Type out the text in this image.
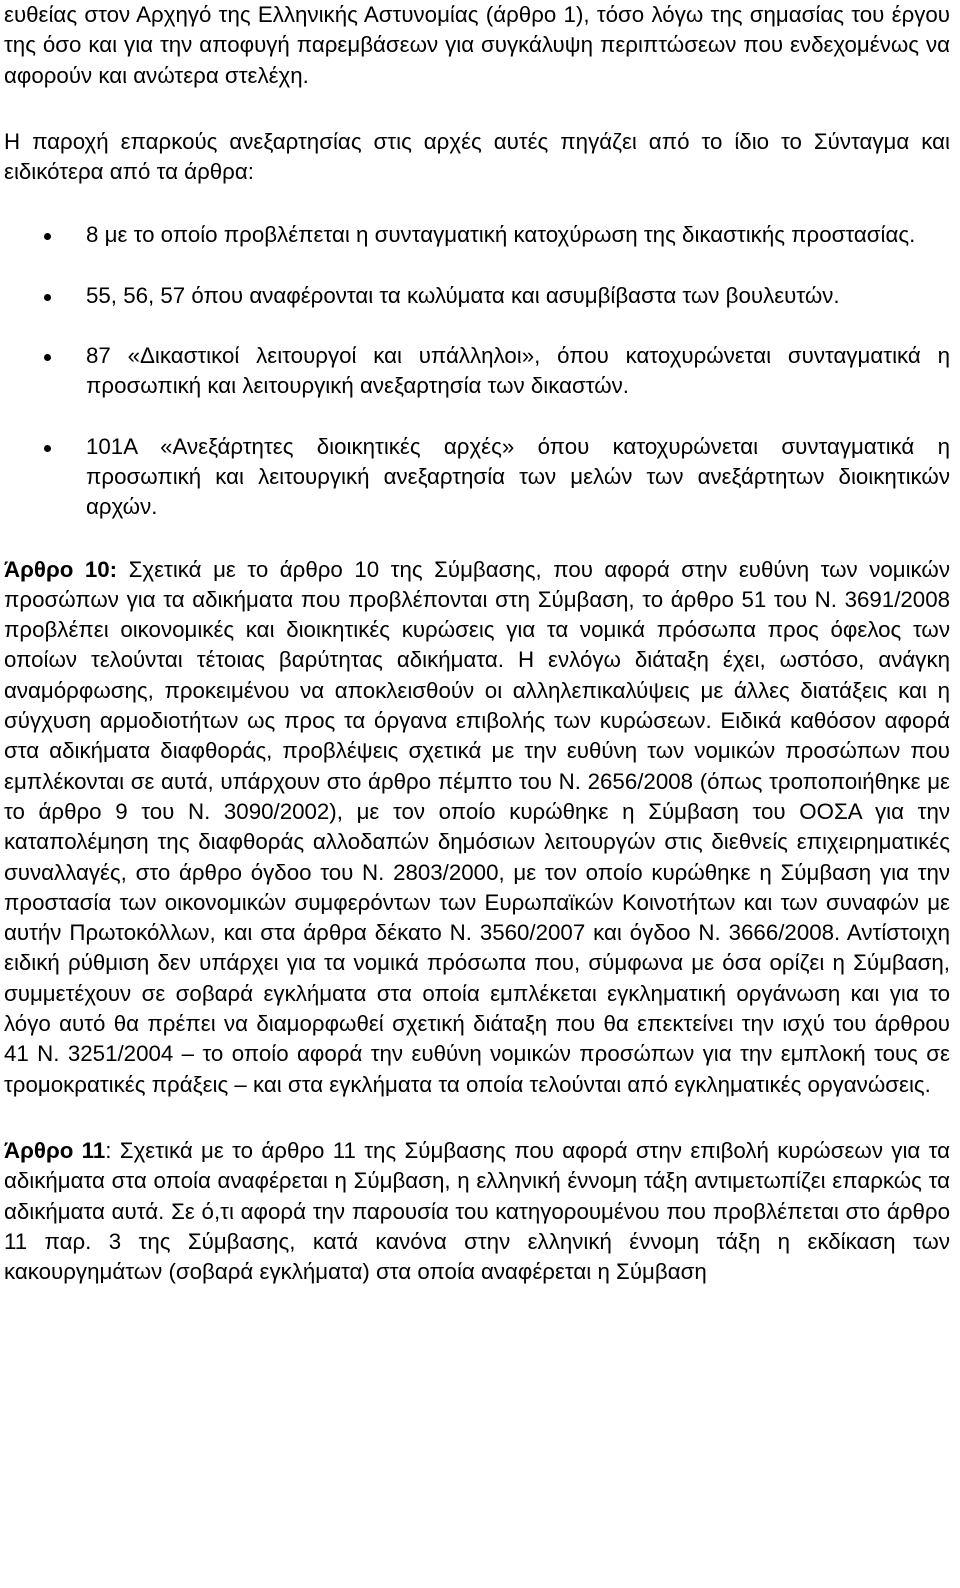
ευθείας στον Αρχηγό της Ελληνικής Αστυνομίας (άρθρο 1), τόσο λόγω της σημασίας του έργου της όσο και για την αποφυγή παρεμβάσεων για συγκάλυψη περιπτώσεων που ενδεχομένως να αφορούν και ανώτερα στελέχη.

Η παροχή επαρκούς ανεξαρτησίας στις αρχές αυτές πηγάζει από το ίδιο το Σύνταγμα και ειδικότερα από τα άρθρα:

8 με το οποίο προβλέπεται η συνταγματική κατοχύρωση της δικαστικής προστασίας.
55, 56, 57 όπου αναφέρονται τα κωλύματα και ασυμβίβαστα των βουλευτών.
87 «Δικαστικοί λειτουργοί και υπάλληλοι», όπου κατοχυρώνεται συνταγματικά η προσωπική και λειτουργική ανεξαρτησία των δικαστών.
101Α «Ανεξάρτητες διοικητικές αρχές» όπου κατοχυρώνεται συνταγματικά η προσωπική και λειτουργική ανεξαρτησία των μελών των ανεξάρτητων διοικητικών αρχών.

Άρθρο 10: Σχετικά με το άρθρο 10 της Σύμβασης, που αφορά στην ευθύνη των νομικών προσώπων για τα αδικήματα που προβλέπονται στη Σύμβαση, το άρθρο 51 του Ν. 3691/2008 προβλέπει οικονομικές και διοικητικές κυρώσεις για τα νομικά πρόσωπα προς όφελος των οποίων τελούνται τέτοιας βαρύτητας αδικήματα. Η ενλόγω διάταξη έχει, ωστόσο, ανάγκη αναμόρφωσης, προκειμένου να αποκλεισθούν οι αλληλεπικαλύψεις με άλλες διατάξεις και η σύγχυση αρμοδιοτήτων ως προς τα όργανα επιβολής των κυρώσεων. Ειδικά καθόσον αφορά στα αδικήματα διαφθοράς, προβλέψεις σχετικά με την ευθύνη των νομικών προσώπων που εμπλέκονται σε αυτά, υπάρχουν στο άρθρο πέμπτο του Ν. 2656/2008 (όπως τροποποιήθηκε με το άρθρο 9 του Ν. 3090/2002), με τον οποίο κυρώθηκε η Σύμβαση του ΟΟΣΑ για την καταπολέμηση της διαφθοράς αλλοδαπών δημόσιων λειτουργών στις διεθνείς επιχειρηματικές συναλλαγές, στο άρθρο όγδοο του Ν. 2803/2000, με τον οποίο κυρώθηκε η Σύμβαση για την προστασία των οικονομικών συμφερόντων των Ευρωπαϊκών Κοινοτήτων και των συναφών με αυτήν Πρωτοκόλλων, και στα άρθρα δέκατο Ν. 3560/2007 και όγδοο Ν. 3666/2008. Αντίστοιχη ειδική ρύθμιση δεν υπάρχει για τα νομικά πρόσωπα που, σύμφωνα με όσα ορίζει η Σύμβαση, συμμετέχουν σε σοβαρά εγκλήματα στα οποία εμπλέκεται εγκληματική οργάνωση και για το λόγο αυτό θα πρέπει να διαμορφωθεί σχετική διάταξη που θα επεκτείνει την ισχύ του άρθρου 41 Ν. 3251/2004 – το οποίο αφορά την ευθύνη νομικών προσώπων για την εμπλοκή τους σε τρομοκρατικές πράξεις – και στα εγκλήματα τα οποία τελούνται από εγκληματικές οργανώσεις.

Άρθρο 11: Σχετικά με το άρθρο 11 της Σύμβασης που αφορά στην επιβολή κυρώσεων για τα αδικήματα στα οποία αναφέρεται η Σύμβαση, η ελληνική έννομη τάξη αντιμετωπίζει επαρκώς τα αδικήματα αυτά. Σε ό,τι αφορά την παρουσία του κατηγορουμένου που προβλέπεται στο άρθρο 11 παρ. 3 της Σύμβασης, κατά κανόνα στην ελληνική έννομη τάξη η εκδίκαση των κακουργημάτων (σοβαρά εγκλήματα) στα οποία αναφέρεται η Σύμβαση
